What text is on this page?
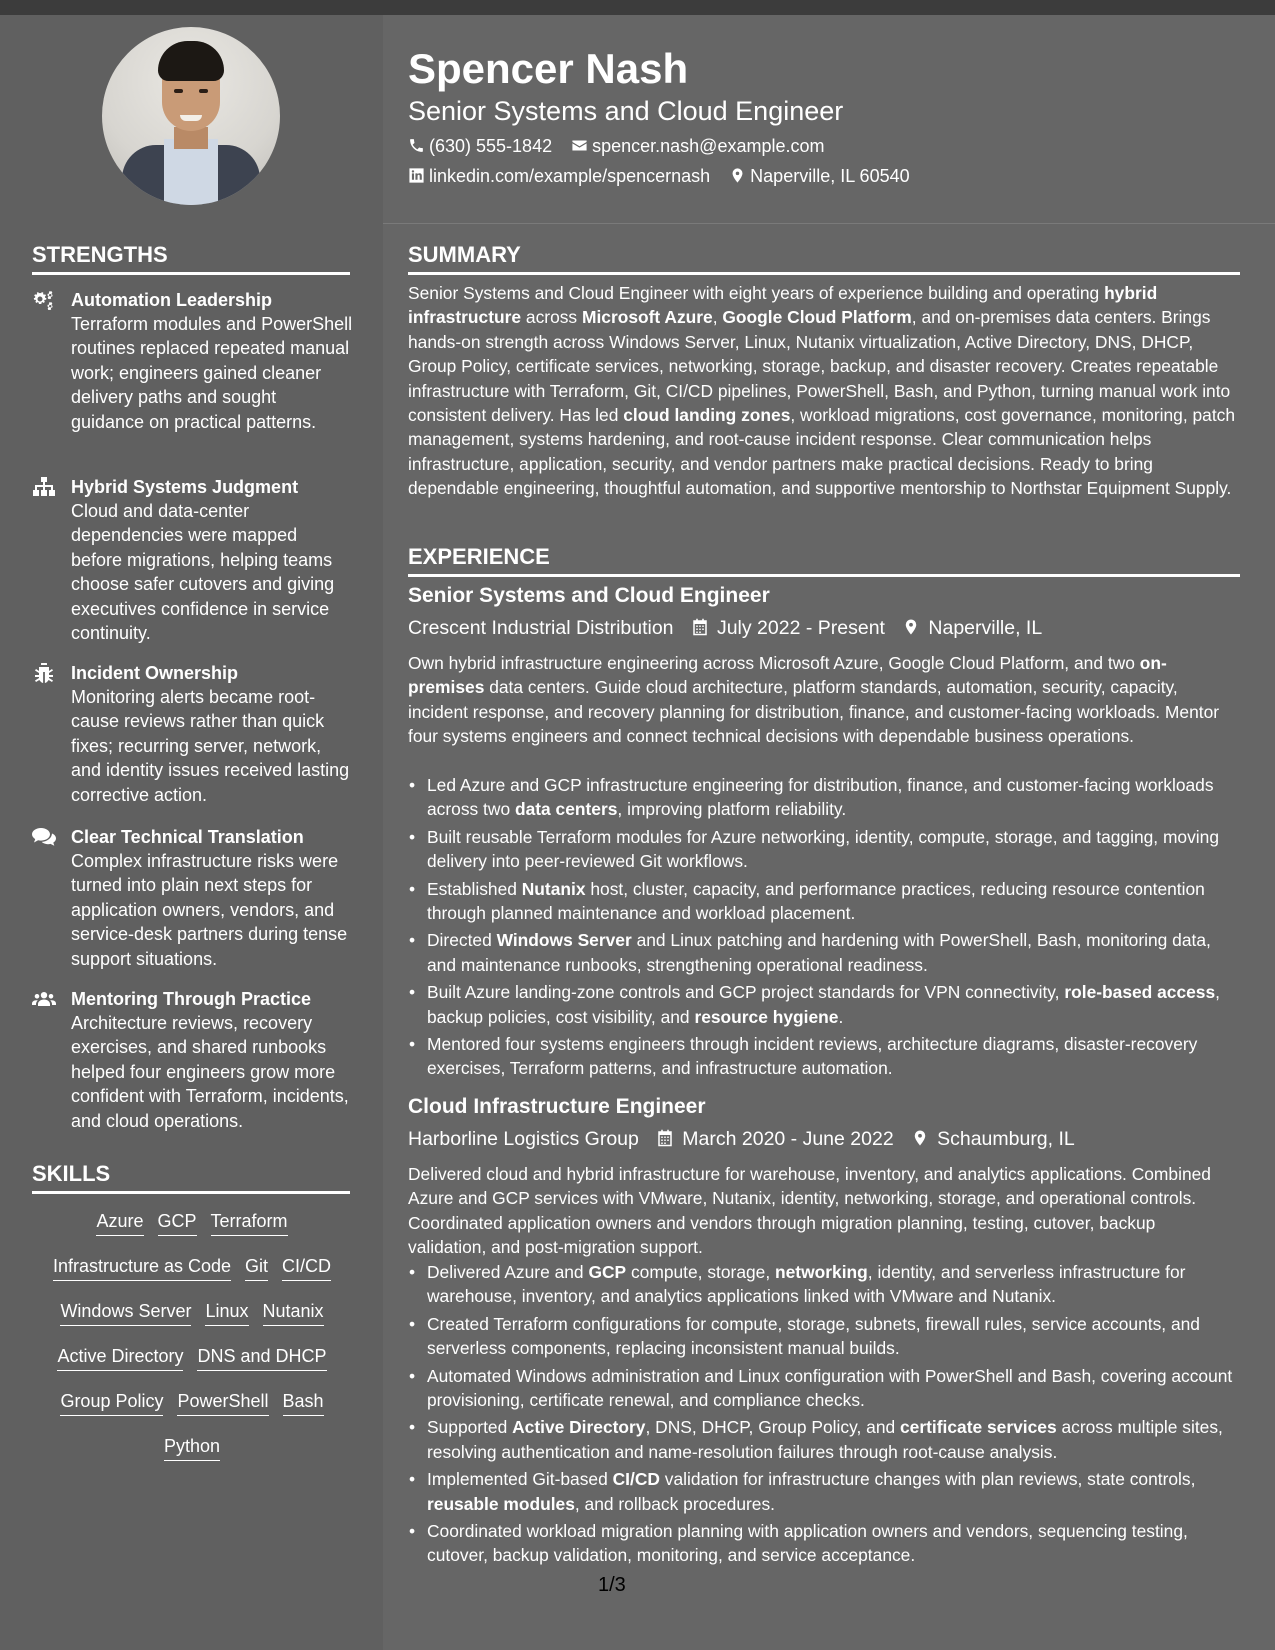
Spencer Nash
Senior Systems and Cloud Engineer
(630) 555-1842 spencer.nash@example.com
linkedin.com/example/spencernash Naperville, IL 60540
STRENGTHS
Automation Leadership
Terraform modules and PowerShell routines replaced repeated manual work; engineers gained cleaner delivery paths and sought guidance on practical patterns.
Hybrid Systems Judgment
Cloud and data-center dependencies were mapped before migrations, helping teams choose safer cutovers and giving executives confidence in service continuity.
Incident Ownership
Monitoring alerts became root-cause reviews rather than quick fixes; recurring server, network, and identity issues received lasting corrective action.
Clear Technical Translation
Complex infrastructure risks were turned into plain next steps for application owners, vendors, and service-desk partners during tense support situations.
Mentoring Through Practice
Architecture reviews, recovery exercises, and shared runbooks helped four engineers grow more confident with Terraform, incidents, and cloud operations.
SKILLS
Azure GCP Terraform
Infrastructure as Code Git CI/CD
Windows Server Linux Nutanix
Active Directory DNS and DHCP
Group Policy PowerShell Bash
Python
SUMMARY

Senior Systems and Cloud Engineer with eight years of experience building and operating hybrid infrastructure across Microsoft Azure, Google Cloud Platform, and on-premises data centers. Brings hands-on strength across Windows Server, Linux, Nutanix virtualization, Active Directory, DNS, DHCP, Group Policy, certificate services, networking, storage, backup, and disaster recovery. Creates repeatable infrastructure with Terraform, Git, CI/CD pipelines, PowerShell, Bash, and Python, turning manual work into consistent delivery. Has led cloud landing zones, workload migrations, cost governance, monitoring, patch management, systems hardening, and root-cause incident response. Clear communication helps infrastructure, application, security, and vendor partners make practical decisions. Ready to bring dependable engineering, thoughtful automation, and supportive mentorship to Northstar Equipment Supply.

EXPERIENCE
Senior Systems and Cloud Engineer
Crescent Industrial Distribution July 2022 - Present Naperville, IL

Own hybrid infrastructure engineering across Microsoft Azure, Google Cloud Platform, and two on-premises data centers. Guide cloud architecture, platform standards, automation, security, capacity, incident response, and recovery planning for distribution, finance, and customer-facing workloads. Mentor four systems engineers and connect technical decisions with dependable business operations.

• Led Azure and GCP infrastructure engineering for distribution, finance, and customer-facing workloads across two data centers, improving platform reliability.
• Built reusable Terraform modules for Azure networking, identity, compute, storage, and tagging, moving delivery into peer-reviewed Git workflows.
• Established Nutanix host, cluster, capacity, and performance practices, reducing resource contention through planned maintenance and workload placement.
• Directed Windows Server and Linux patching and hardening with PowerShell, Bash, monitoring data, and maintenance runbooks, strengthening operational readiness.
• Built Azure landing-zone controls and GCP project standards for VPN connectivity, role-based access, backup policies, cost visibility, and resource hygiene.
• Mentored four systems engineers through incident reviews, architecture diagrams, disaster-recovery exercises, Terraform patterns, and infrastructure automation.
Cloud Infrastructure Engineer
Harborline Logistics Group March 2020 - June 2022 Schaumburg, IL

Delivered cloud and hybrid infrastructure for warehouse, inventory, and analytics applications. Combined Azure and GCP services with VMware, Nutanix, identity, networking, storage, and operational controls. Coordinated application owners and vendors through migration planning, testing, cutover, backup validation, and post-migration support.

• Delivered Azure and GCP compute, storage, networking, identity, and serverless infrastructure for warehouse, inventory, and analytics applications linked with VMware and Nutanix.
• Created Terraform configurations for compute, storage, subnets, firewall rules, service accounts, and serverless components, replacing inconsistent manual builds.
• Automated Windows administration and Linux configuration with PowerShell and Bash, covering account provisioning, certificate renewal, and compliance checks.
• Supported Active Directory, DNS, DHCP, Group Policy, and certificate services across multiple sites, resolving authentication and name-resolution failures through root-cause analysis.
• Implemented Git-based CI/CD validation for infrastructure changes with plan reviews, state controls, reusable modules, and rollback procedures.
• Coordinated workload migration planning with application owners and vendors, sequencing testing, cutover, backup validation, monitoring, and service acceptance.
1/3
